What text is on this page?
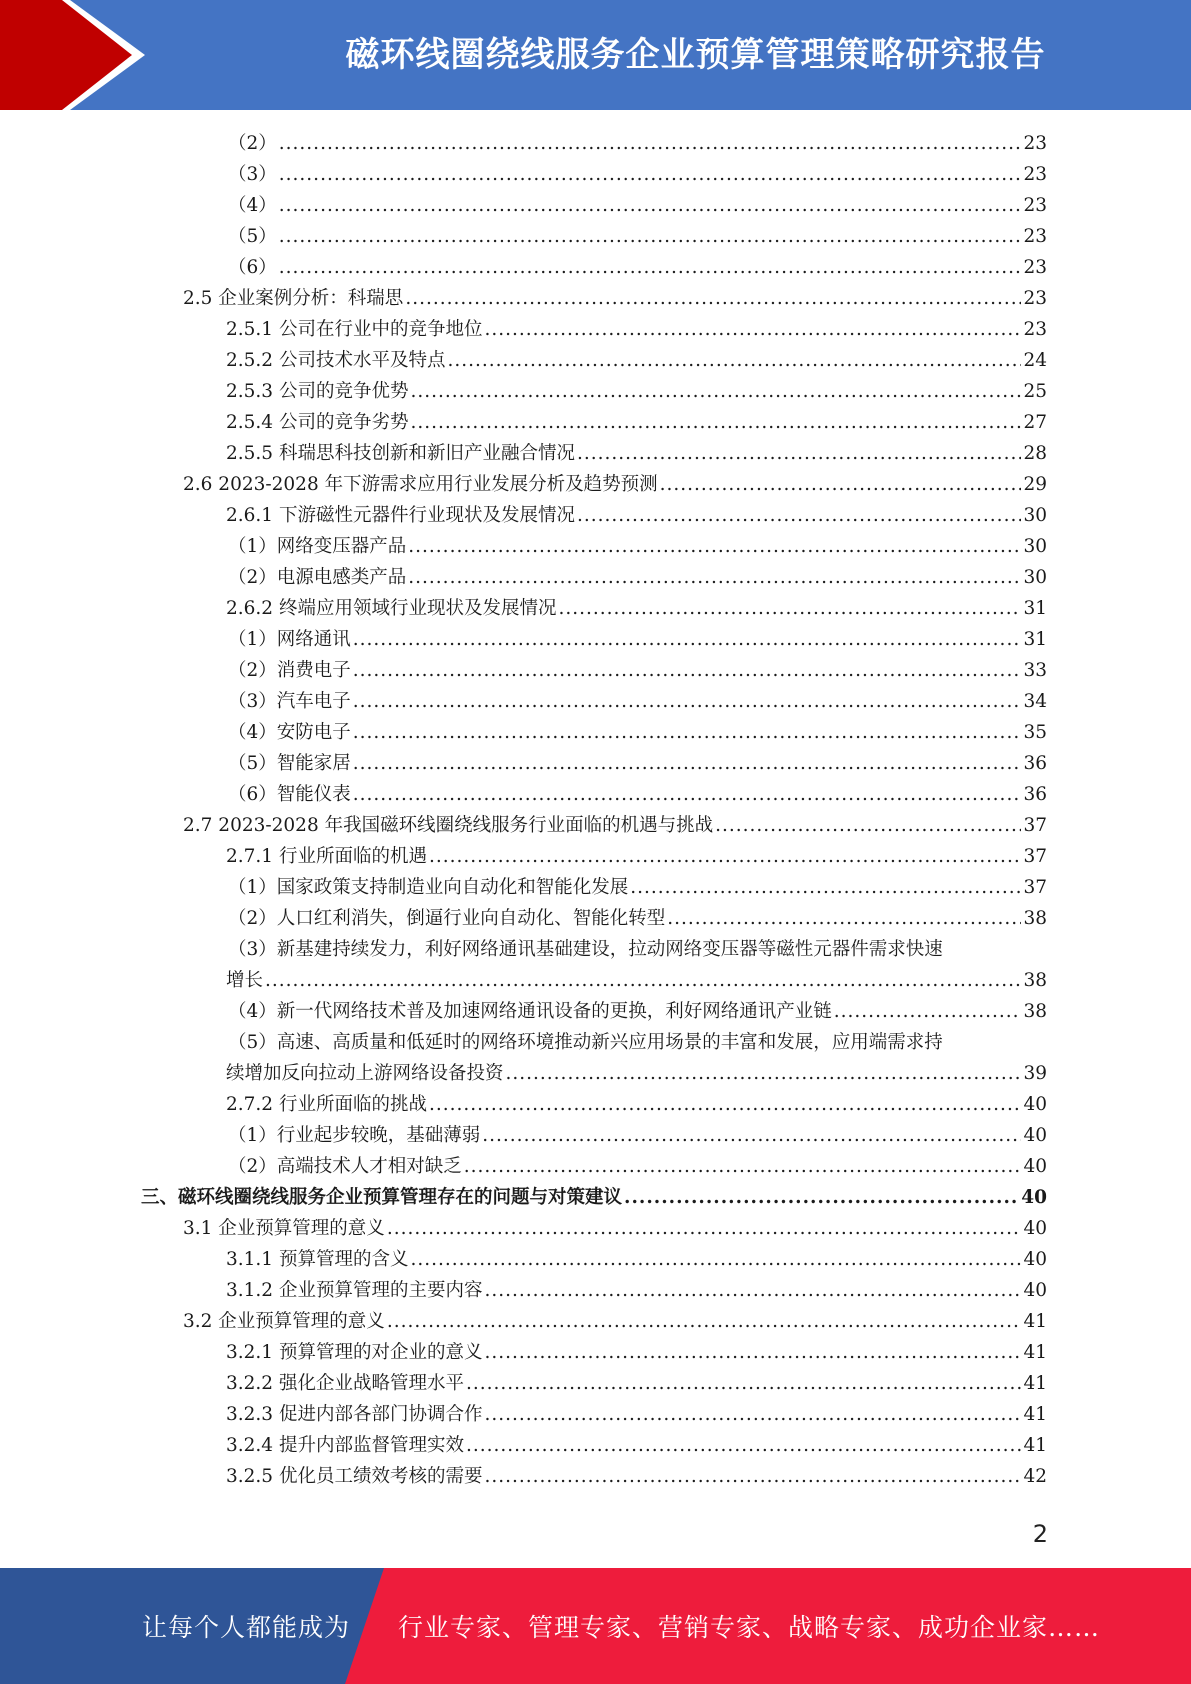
磁环线圈绕线服务企业预算管理策略研究报告
（2） .....	23
（3） .....	23
（4） .....	23
（5） .....	23
（6） .....	23
2.5 企业案例分析：科瑞思 .....	23
2.5.1 公司在行业中的竞争地位 .....	23
2.5.2 公司技术水平及特点 .....	24
2.5.3 公司的竞争优势 .....	25
2.5.4 公司的竞争劣势 .....	27
2.5.5 科瑞思科技创新和新旧产业融合情况 .....	28
2.6 2023-2028 年下游需求应用行业发展分析及趋势预测 .....	29
2.6.1 下游磁性元器件行业现状及发展情况 .....	30
（1）网络变压器产品 .....	30
（2）电源电感类产品 .....	30
2.6.2 终端应用领域行业现状及发展情况 .....	31
（1）网络通讯 .....	31
（2）消费电子 .....	33
（3）汽车电子 .....	34
（4）安防电子 .....	35
（5）智能家居 .....	36
（6）智能仪表 .....	36
2.7 2023-2028 年我国磁环线圈绕线服务行业面临的机遇与挑战 .....	37
2.7.1 行业所面临的机遇 .....	37
（1）国家政策支持制造业向自动化和智能化发展 .....	37
（2）人口红利消失，倒逼行业向自动化、智能化转型 .....	38
（3）新基建持续发力，利好网络通讯基础建设，拉动网络变压器等磁性元器件需求快速
增长 .....	38
（4）新一代网络技术普及加速网络通讯设备的更换，利好网络通讯产业链 .....	38
（5）高速、高质量和低延时的网络环境推动新兴应用场景的丰富和发展，应用端需求持
续增加反向拉动上游网络设备投资 .....	39
2.7.2 行业所面临的挑战 .....	40
（1）行业起步较晚，基础薄弱 .....	40
（2）高端技术人才相对缺乏 .....	40
三、磁环线圈绕线服务企业预算管理存在的问题与对策建议 .....	40
3.1 企业预算管理的意义 .....	40
3.1.1 预算管理的含义 .....	40
3.1.2 企业预算管理的主要内容 .....	40
3.2 企业预算管理的意义 .....	41
3.2.1 预算管理的对企业的意义 .....	41
3.2.2 强化企业战略管理水平 .....	41
3.2.3 促进内部各部门协调合作 .....	41
3.2.4 提升内部监督管理实效 .....	41
3.2.5 优化员工绩效考核的需要 .....	42
2
让每个人都能成为 行业专家、管理专家、营销专家、战略专家、成功企业家……
